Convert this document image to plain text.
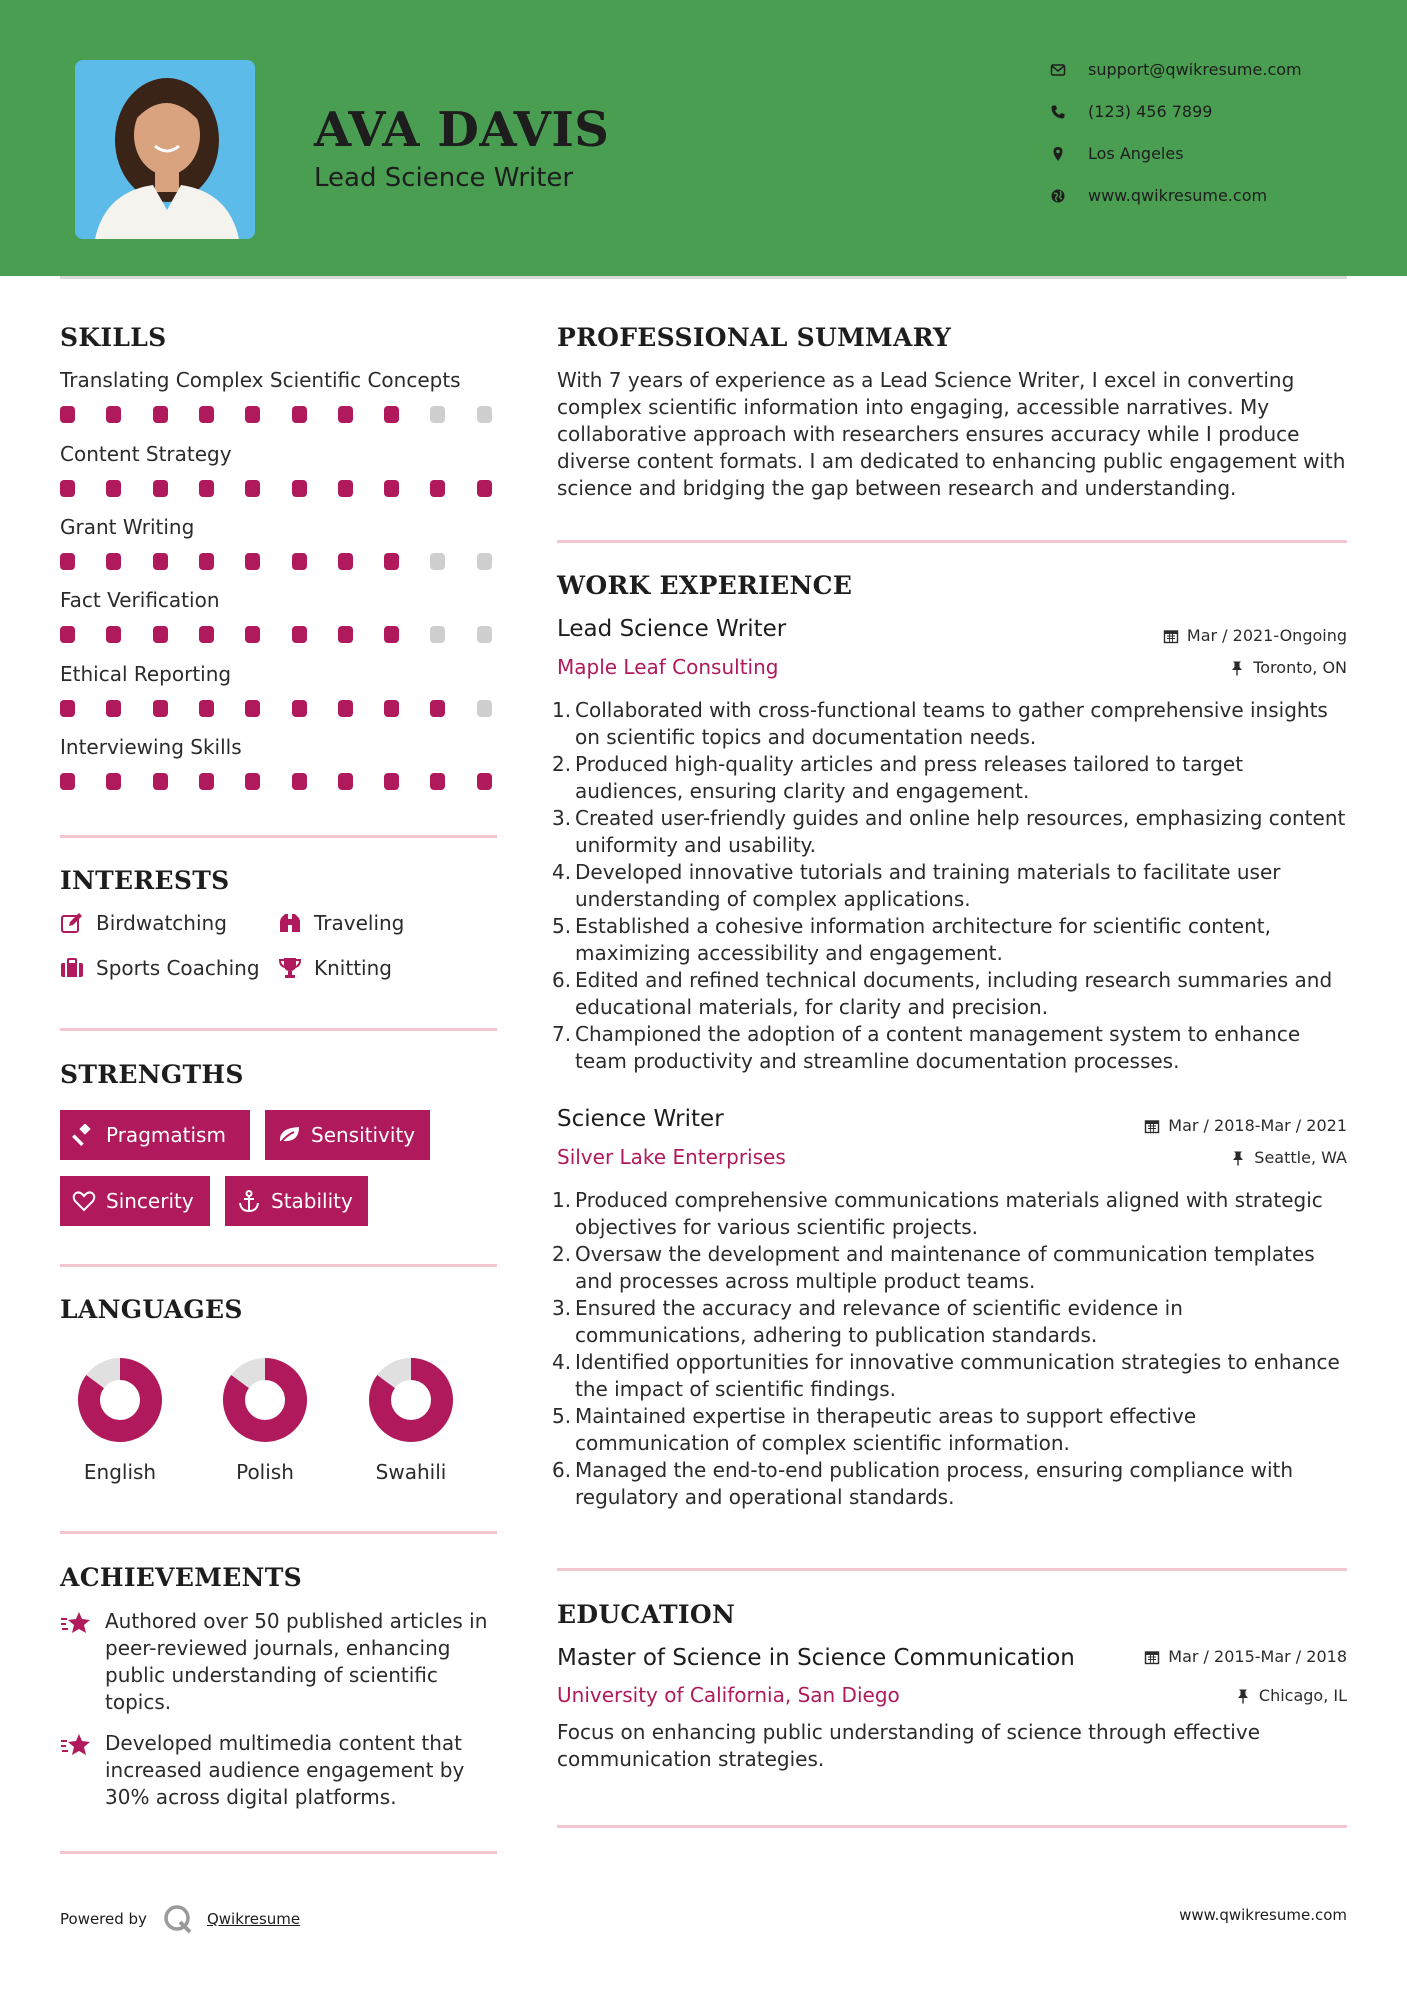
AVA DAVIS
Lead Science Writer
support@qwikresume.com
(123) 456 7899
Los Angeles
www.qwikresume.com
SKILLS
Translating Complex Scientific Concepts
Content Strategy
Grant Writing
Fact Verification
Ethical Reporting
Interviewing Skills
INTERESTS
Birdwatching	Traveling
Sports Coaching	Knitting
STRENGTHS
Pragmatism	Sensitivity
Sincerity	Stability
LANGUAGES
English	Polish	Swahili
ACHIEVEMENTS
Authored over 50 published articles in peer-reviewed journals, enhancing public understanding of scientific topics.
Developed multimedia content that increased audience engagement by 30% across digital platforms.
PROFESSIONAL SUMMARY
With 7 years of experience as a Lead Science Writer, I excel in converting complex scientific information into engaging, accessible narratives. My collaborative approach with researchers ensures accuracy while I produce diverse content formats. I am dedicated to enhancing public engagement with science and bridging the gap between research and understanding.
WORK EXPERIENCE
Lead Science Writer	Mar / 2021-Ongoing
Maple Leaf Consulting	Toronto, ON
1. Collaborated with cross-functional teams to gather comprehensive insights on scientific topics and documentation needs.
2. Produced high-quality articles and press releases tailored to target audiences, ensuring clarity and engagement.
3. Created user-friendly guides and online help resources, emphasizing content uniformity and usability.
4. Developed innovative tutorials and training materials to facilitate user understanding of complex applications.
5. Established a cohesive information architecture for scientific content, maximizing accessibility and engagement.
6. Edited and refined technical documents, including research summaries and educational materials, for clarity and precision.
7. Championed the adoption of a content management system to enhance team productivity and streamline documentation processes.
Science Writer	Mar / 2018-Mar / 2021
Silver Lake Enterprises	Seattle, WA
1. Produced comprehensive communications materials aligned with strategic objectives for various scientific projects.
2. Oversaw the development and maintenance of communication templates and processes across multiple product teams.
3. Ensured the accuracy and relevance of scientific evidence in communications, adhering to publication standards.
4. Identified opportunities for innovative communication strategies to enhance the impact of scientific findings.
5. Maintained expertise in therapeutic areas to support effective communication of complex scientific information.
6. Managed the end-to-end publication process, ensuring compliance with regulatory and operational standards.
EDUCATION
Master of Science in Science Communication	Mar / 2015-Mar / 2018
University of California, San Diego	Chicago, IL
Focus on enhancing public understanding of science through effective communication strategies.
Powered by	Qwikresume	www.qwikresume.com
